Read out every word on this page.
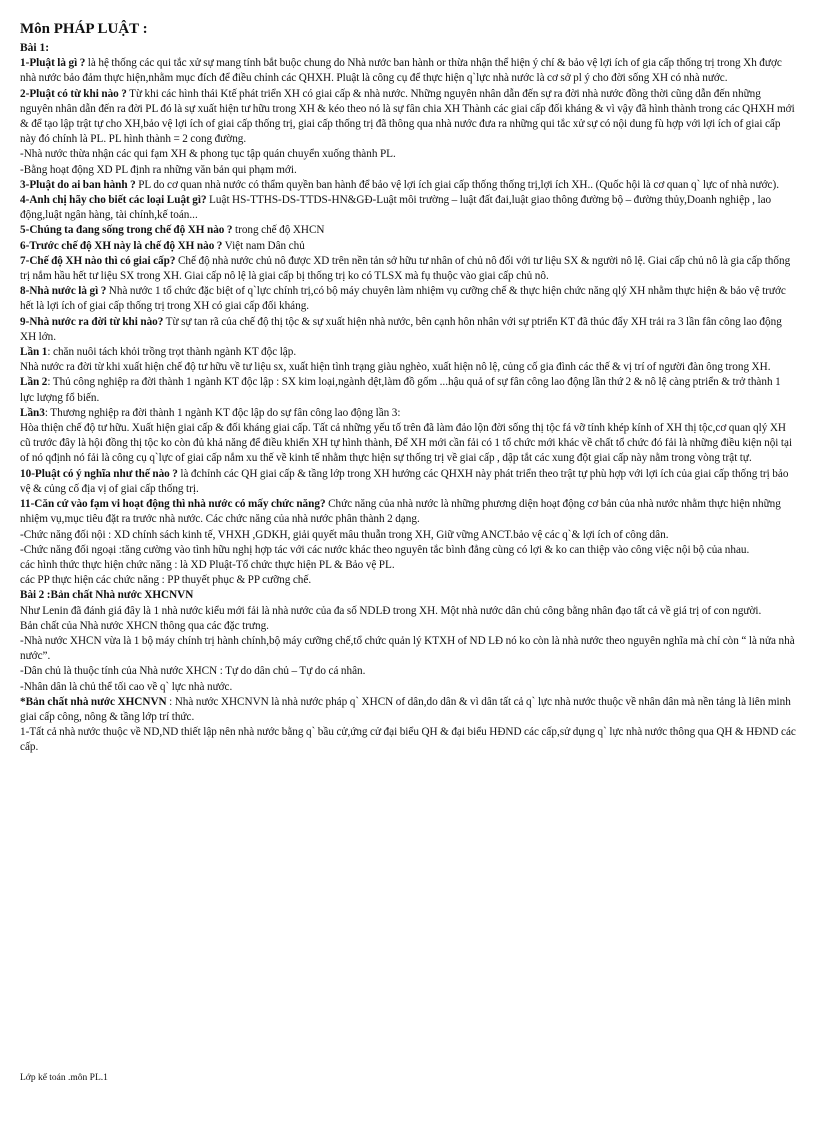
Môn PHÁP LUẬT :
Bài 1:

1-Pluật là gì ? là hệ thống các qui tắc xử sự mang tính bắt buộc chung do Nhà nước ban hành or thừa nhận thể hiện ý chí & bảo vệ lợi ích of gia cấp thống trị trong Xh được nhà nước bảo đảm thực hiện,nhằm mục đích để điều chỉnh các QHXH. Pluật là công cụ để thực hiện q`lực nhà nước là cơ sở pl ý cho đời sống XH có nhà nước.

2-Pluật có từ khi nào ? Từ khi các hình thái Ktế phát triển XH có giai cấp & nhà nước. Những nguyên nhân dẫn đến sự ra đời nhà nước đồng thời cũng dẫn đến những nguyên nhân dẫn đến ra đời PL đó là sự xuất hiện tư hữu trong XH & kéo theo nó là sự fân chia XH Thành các giai cấp đối kháng & vì vậy đã hình thành trong các QHXH mới & để tạo lập trật tự cho XH,bảo vệ lợi ích of giai cấp thống trị, giai cấp thống trị đã thông qua nhà nước đưa ra những qui tắc xử sự có nội dung fù hợp với lợi ích of giai cấp này đó chính là PL. PL hình thành = 2 cong đường.

-Nhà nước thừa nhận các qui fạm XH & phong tục tập quán chuyển xuống thành PL.

-Bằng hoạt động XD PL định ra những văn bản qui phạm mới.

3-Pluật do ai ban hành ? PL do cơ quan nhà nước có thẩm quyền ban hành để bảo vệ lợi ích giai cấp thống thống trị,lợi ích XH.. (Quốc hội là cơ quan q` lực of nhà nước).

4-Anh chị hãy cho biết các loại Luật gì? Luật HS-TTHS-DS-TTDS-HN&GĐ-Luật môi trường – luật đất đai,luật giao thông đường bộ – đường thủy,Doanh nghiệp , lao động,luật ngân hàng, tài chính,kế toán...

5-Chúng ta đang sống trong chế độ XH nào ? trong chế độ XHCN

6-Trước chế độ XH này là chế độ XH nào ? Việt nam Dân chủ

7-Chế độ XH nào thì có giai cấp? Chế độ nhà nước chủ nô được XD trên nền tản sở hữu tư nhân of chủ nô đối với tư liệu SX & người nô lệ. Giai cấp chủ nô là gia cấp thống trị nắm hầu hết tư liệu SX trong XH. Giai cấp nô lệ là giai cấp bị thống trị ko có TLSX mà fụ thuộc vào giai cấp chủ nô.

8-Nhà nước là gì ? Nhà nước 1 tổ chức đặc biệt of q`lực chính trị,có bộ máy chuyên làm nhiệm vụ cưỡng chế & thực hiện chức năng qlý XH nhằm thực hiện & bảo vệ trước hết là lợi ích of giai cấp thống trị trong XH có giai cấp đối kháng.

9-Nhà nước ra đời từ khi nào? Từ sự tan rã của chế độ thị tộc & sự xuất hiện nhà nước, bên cạnh hôn nhân với sự ptriển KT đã thúc đẩy XH trải ra 3 lần fân công lao động XH lớn.

Lần 1: chăn nuôi tách khỏi trồng trọt thành ngành KT độc lập.

Nhà nước ra đời từ khi xuất hiện chế độ tư hữu về tư liệu sx, xuất hiện tình trạng giàu nghèo, xuất hiện nô lệ, củng cố gia đình các thế & vị trí of người đàn ông trong XH.

Lần 2: Thủ công nghiệp ra đời thành 1 ngành KT độc lập : SX kim loại,ngành dệt,làm đồ gốm ...hậu quả of sự fân công lao động lần thứ 2 & nô lệ càng ptriển & trở thành 1 lực lượng fổ biến.

Lần3: Thương nghiệp ra đời thành 1 ngành KT độc lập do sự fân công lao động lần 3:

Hòa thiện chế độ tư hữu. Xuất hiện giai cấp & đối kháng giai cấp. Tất cả những yếu tố trên đã làm đảo lộn đời sống thị tộc fá vỡ tính khép kính of XH thị tộc,cơ quan qlý XH cũ trước đây là hội đồng thị tộc ko còn đủ khả năng để điều khiển XH tự hình thành, Để XH mới cần fải có 1 tổ chức mới khác về chất tổ chức đó fải là những điều kiện nội tại of nó qđịnh nó fải là công cụ q`lực of giai cấp nắm xu thế về kinh tế nhằm thực hiện sự thống trị về giai cấp , dập tắt các xung đột giai cấp này nằm trong vòng trật tự.

10-Pluật có ý nghĩa như thế nào ? là đchỉnh các QH giai cấp & tầng lớp trong XH hướng các QHXH này phát triển theo trật tự phù hợp với lợi ích của giai cấp thống trị bảo vệ & củng cố địa vị of giai cấp thống trị.

11-Căn cứ vào fạm vi hoạt động thì nhà nước có mấy chức năng? Chức năng của nhà nước là những phương diện hoạt động cơ bản của nhà nước nhằm thực hiện những nhiệm vụ,mục tiêu đặt ra trước nhà nước. Các chức năng của nhà nước phân thành 2 dạng.

-Chức năng đối nội : XD chính sách kinh tế, VHXH ,GDKH, giải quyết mâu thuẫn trong XH, Giữ vững ANCT.bảo vệ các q`& lợi ích of công dân.

-Chức năng đối ngoại :tăng cường vào tình hữu nghị hợp tác với các nước khác theo nguyên tắc bình đẳng cùng có lợi & ko can thiệp vào công việc nội bộ của nhau.

các hình thức thực hiện chức năng : là XD Pluật-Tổ chức thực hiện PL & Bảo vệ PL.

các PP thực hiện các chức năng : PP thuyết phục & PP cưỡng chế.

Bài 2 :Bản chất Nhà nước XHCNVN

Như Lenin đã đánh giá đây là 1 nhà nước kiểu mới fải là nhà nước của đa số NDLĐ trong XH. Một nhà nước dân chủ công bằng nhân đạo tất cả về giá trị of con người.

Bản chất của Nhà nước XHCN thông qua các đặc trưng.

-Nhà nước XHCN vừa là 1 bộ máy chính trị hành chính,bộ máy cưỡng chế,tổ chức quản lý KTXH of ND LĐ nó ko còn là nhà nước theo nguyên nghĩa mà chỉ còn “ là nửa nhà nước”.

-Dân chủ là thuộc tính của Nhà nước XHCN : Tự do dân chủ – Tự do cá nhân.

-Nhân dân là chủ thể tối cao về q` lực nhà nước.

*Bản chất nhà nước XHCNVN : Nhà nước XHCNVN là nhà nước pháp q` XHCN of dân,do dân & vì dân tất cả q` lực nhà nước thuộc về nhân dân mà nền tảng là liên minh giai cấp công, nông & tầng lớp trí thức.

1-Tất cả nhà nước thuộc về ND,ND thiết lập nên nhà nước bằng q` bầu cử,ứng cử đại biểu QH & đại biểu HĐND các cấp,sử dụng q` lực nhà nước thông qua QH & HĐND các cấp.

Lớp kế toán .môn PL.1
